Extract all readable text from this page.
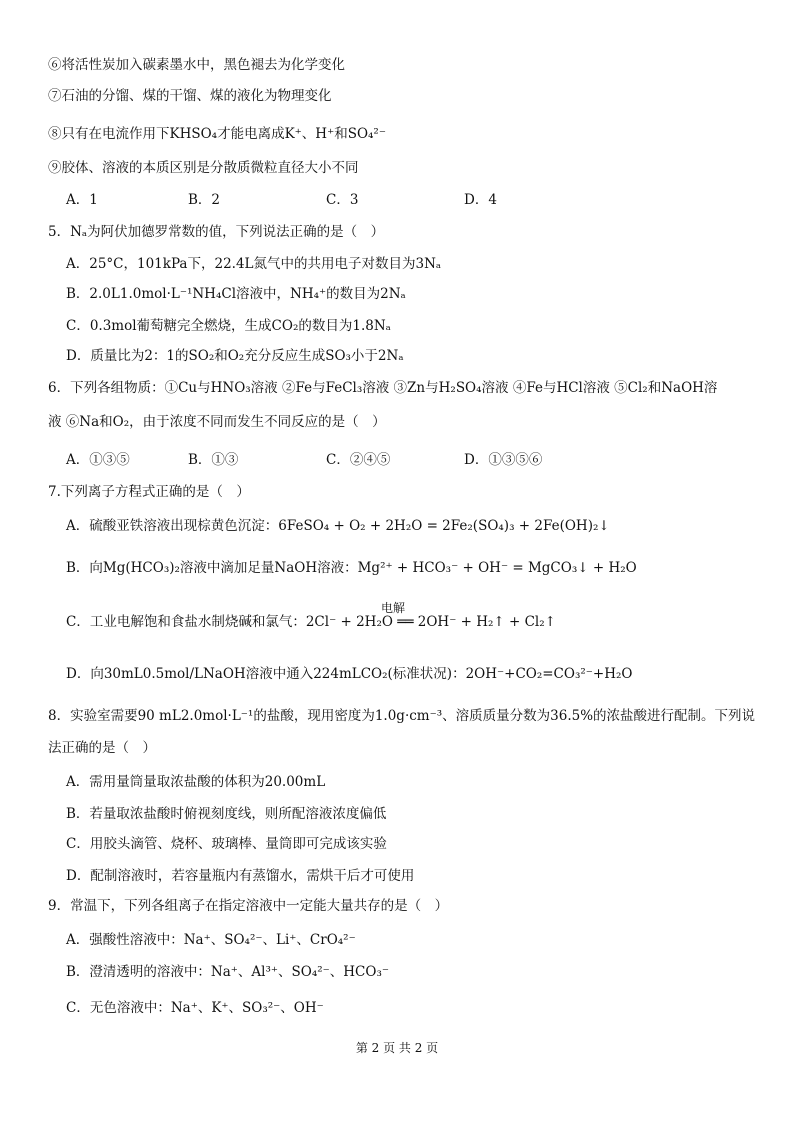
⑥将活性炭加入碳素墨水中，黑色褪去为化学变化
⑦石油的分馏、煤的干馏、煤的液化为物理变化
⑧只有在电流作用下KHSO₄才能电离成K⁺、H⁺和SO₄²⁻
⑨胶体、溶液的本质区别是分散质微粒直径大小不同
A．1	B．2	C．3	D．4
5．Nₐ为阿伏加德罗常数的值，下列说法正确的是（　）
A．25°C，101kPa下，22.4L氮气中的共用电子对数目为3Nₐ
B．2.0L1.0mol·L⁻¹NH₄Cl溶液中，NH₄⁺的数目为2Nₐ
C．0.3mol葡萄糖完全燃烧，生成CO₂的数目为1.8Nₐ
D．质量比为2：1的SO₂和O₂充分反应生成SO₃小于2Nₐ
6．下列各组物质：①Cu与HNO₃溶液 ②Fe与FeCl₃溶液 ③Zn与H₂SO₄溶液 ④Fe与HCl溶液 ⑤Cl₂和NaOH溶
液 ⑥Na和O₂，由于浓度不同而发生不同反应的是（　）
A．①③⑤	B．①③	C．②④⑤	D．①③⑤⑥
7.下列离子方程式正确的是（　）
A．硫酸亚铁溶液出现棕黄色沉淀：6FeSO₄ + O₂ + 2H₂O = 2Fe₂(SO₄)₃ + 2Fe(OH)₂↓
B．向Mg(HCO₃)₂溶液中滴加足量NaOH溶液：Mg²⁺ + HCO₃⁻ + OH⁻ = MgCO₃↓ + H₂O
电解
C．工业电解饱和食盐水制烧碱和氯气：2Cl⁻ + 2H₂O ══ 2OH⁻ + H₂↑ + Cl₂↑
D．向30mL0.5mol/LNaOH溶液中通入224mLCO₂(标准状况)：2OH⁻+CO₂=CO₃²⁻+H₂O
8．实验室需要90 mL2.0mol·L⁻¹的盐酸，现用密度为1.0g·cm⁻³、溶质质量分数为36.5%的浓盐酸进行配制。下列说
法正确的是（　）
A．需用量筒量取浓盐酸的体积为20.00mL
B．若量取浓盐酸时俯视刻度线，则所配溶液浓度偏低
C．用胶头滴管、烧杯、玻璃棒、量筒即可完成该实验
D．配制溶液时，若容量瓶内有蒸馏水，需烘干后才可使用
9．常温下，下列各组离子在指定溶液中一定能大量共存的是（　）
A．强酸性溶液中：Na⁺、SO₄²⁻、Li⁺、CrO₄²⁻
B．澄清透明的溶液中：Na⁺、Al³⁺、SO₄²⁻、HCO₃⁻
C．无色溶液中：Na⁺、K⁺、SO₃²⁻、OH⁻
第 2 页 共 2 页
